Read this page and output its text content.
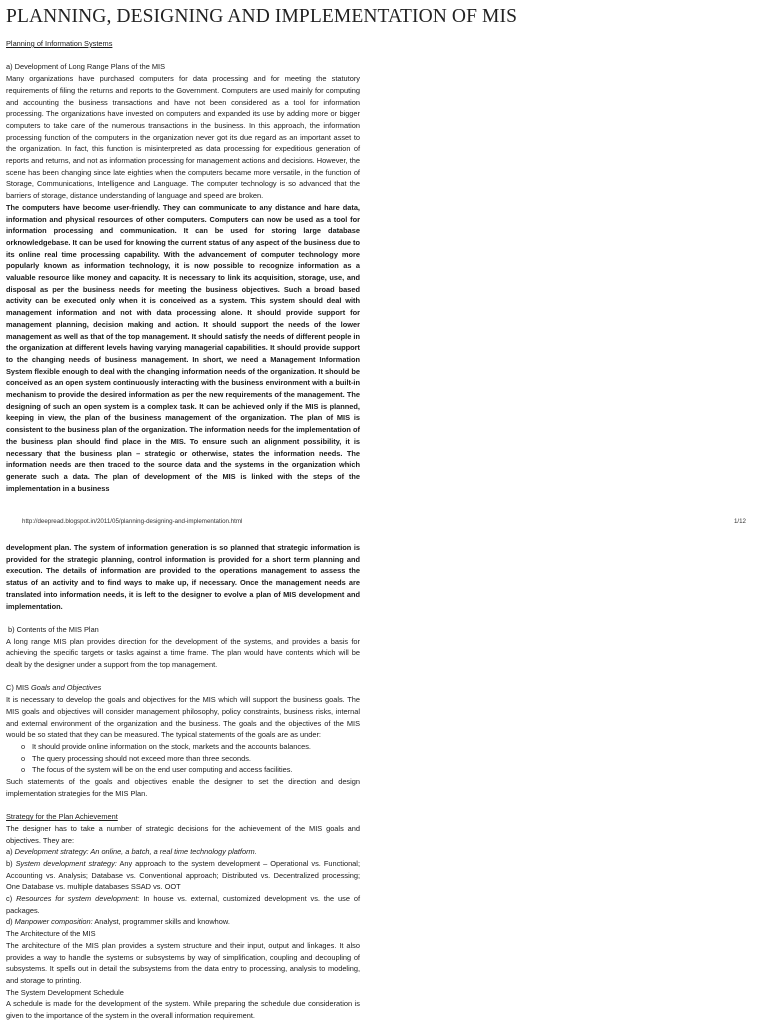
PLANNING, DESIGNING AND IMPLEMENTATION OF MIS

Planning of Information Systems

a) Development of Long Range Plans of the MIS

Many organizations have purchased computers for data processing and for meeting the statutory requirements of filing the returns and reports to the Government. Computers are used mainly for computing and accounting the business transactions and have not been considered as a tool for information processing. The organizations have invested on computers and expanded its use by adding more or bigger computers to take care of the numerous transactions in the business. In this approach, the information processing function of the computers in the organization never got its due regard as an important asset to the organization. In fact, this function is misinterpreted as data processing for expeditious generation of reports and returns, and not as information processing for management actions and decisions. However, the scene has been changing since late eighties when the computers became more versatile, in the function of Storage, Communications, Intelligence and Language. The computer technology is so advanced that the barriers of storage, distance understanding of language and speed are broken.

The computers have become user-friendly. They can communicate to any distance and hare data, information and physical resources of other computers. Computers can now be used as a tool for information processing and communication. It can be used for storing large database orknowledgebase. It can be used for knowing the current status of any aspect of the business due to its online real time processing capability. With the advancement of computer technology more popularly known as information technology, it is now possible to recognize information as a valuable resource like money and capacity. It is necessary to link its acquisition, storage, use, and disposal as per the business needs for meeting the business objectives. Such a broad based activity can be executed only when it is conceived as a system. This system should deal with management information and not with data processing alone. It should provide support for management planning, decision making and action. It should support the needs of the lower management as well as that of the top management. It should satisfy the needs of different people in the organization at different levels having varying managerial capabilities. It should provide support to the changing needs of business management. In short, we need a Management Information System flexible enough to deal with the changing information needs of the organization. It should be conceived as an open system continuously interacting with the business environment with a built-in mechanism to provide the desired information as per the new requirements of the management. The designing of such an open system is a complex task. It can be achieved only if the MIS is planned, keeping in view, the plan of the business management of the organization. The plan of MIS is consistent to the business plan of the organization. The information needs for the implementation of the business plan should find place in the MIS. To ensure such an alignment possibility, it is necessary that the business plan – strategic or otherwise, states the information needs. The information needs are then traced to the source data and the systems in the organization which generate such a data. The plan of development of the MIS is linked with the steps of the implementation in a business

http://deepread.blogspot.in/2011/05/planning-designing-and-implementation.html	1/12

development plan. The system of information generation is so planned that strategic information is provided for the strategic planning, control information is provided for a short term planning and execution. The details of information are provided to the operations management to assess the status of an activity and to find ways to make up, if necessary. Once the management needs are translated into information needs, it is left to the designer to evolve a plan of MIS development and implementation.

b) Contents of the MIS Plan

A long range MIS plan provides direction for the development of the systems, and provides a basis for achieving the specific targets or tasks against a time frame. The plan would have contents which will be dealt by the designer under a support from the top management.

C) MIS Goals and Objectives

It is necessary to develop the goals and objectives for the MIS which will support the business goals. The MIS goals and objectives will consider management philosophy, policy constraints, business risks, internal and external environment of the organization and the business. The goals and the objectives of the MIS would be so stated that they can be measured. The typical statements of the goals are as under:

o It should provide online information on the stock, markets and the accounts balances.
o The query processing should not exceed more than three seconds.
o The focus of the system will be on the end user computing and access facilities.

Such statements of the goals and objectives enable the designer to set the direction and design implementation strategies for the MIS Plan.

Strategy for the Plan Achievement

The designer has to take a number of strategic decisions for the achievement of the MIS goals and objectives. They are:

a) Development strategy: An online, a batch, a real time technology platform.

b) System development strategy: Any approach to the system development – Operational vs. Functional; Accounting vs. Analysis; Database vs. Conventional approach; Distributed vs. Decentralized processing; One Database vs. multiple databases SSAD vs. OOT

c) Resources for system development: In house vs. external, customized development vs. the use of packages.

d) Manpower composition: Analyst, programmer skills and knowhow.

The Architecture of the MIS

The architecture of the MIS plan provides a system structure and their input, output and linkages. It also provides a way to handle the systems or subsystems by way of simplification, coupling and decoupling of subsystems. It spells out in detail the subsystems from the data entry to processing, analysis to modeling, and storage to printing.

The System Development Schedule

A schedule is made for the development of the system. While preparing the schedule due consideration is given to the importance of the system in the overall information requirement.
